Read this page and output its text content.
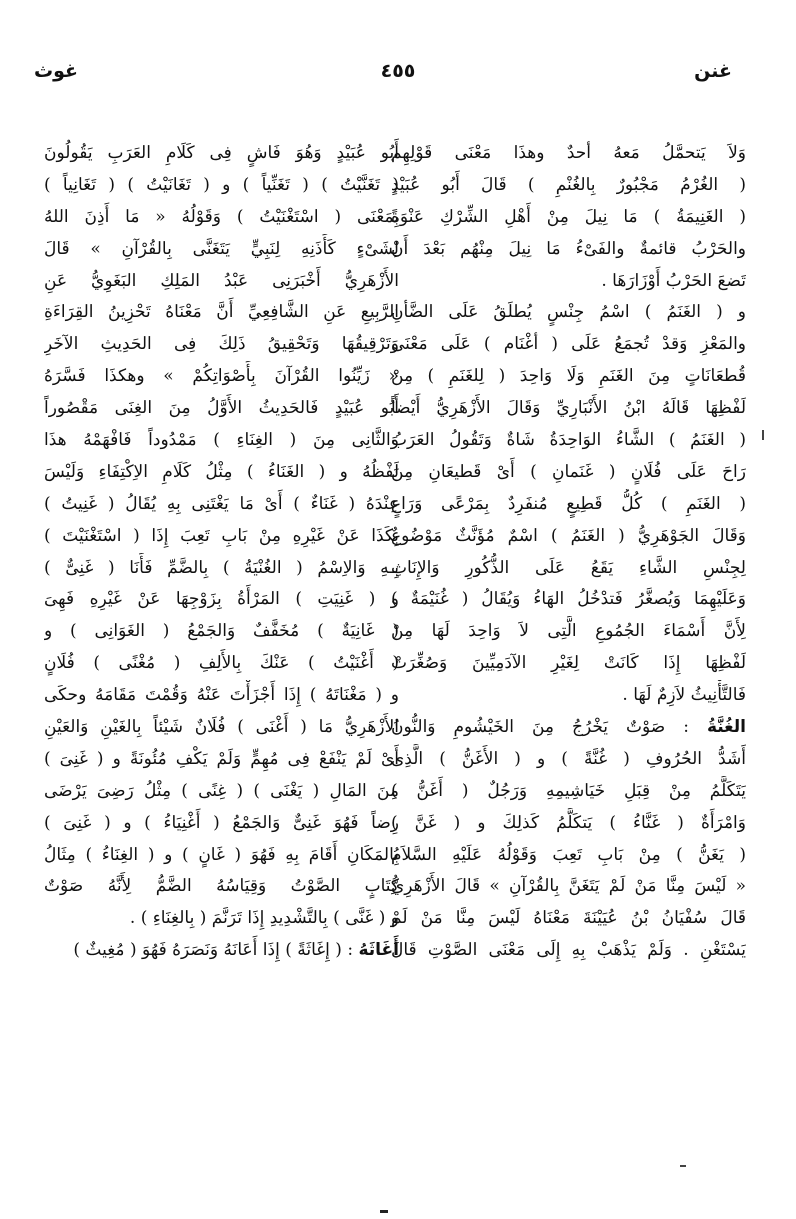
غنن
٤٥٥
غوث
وَلاَ يَتحمَّلُ مَعهُ أحدٌ وهذَا مَعْنَى قَوْلِهِم
( الغُرْمُ مَجْبُورٌ بِالغُنْمِ ) قَالَ أَبُو عُبَيْدٍ
( الغَنِيمَةُ ) مَا نِيلَ مِنْ أَهْلِ الشِّرْكِ عَنْوَةً
والحَرْبُ قائمةٌ والفَىْءُ مَا نِيلَ مِنْهُم بَعْدَ أَنْ
تَضعَ الحَرْبُ أَوْزَارَهَا .
و ( الغَنَمُ ) اسْمُ جِنْسٍ يُطلَقُ عَلَى الضَّأنِ
والمَعْزِ وَقدْ تُجمَعُ عَلَى ( أغْنَام ) عَلَى مَعْنَى
قُطعَانَاتٍ مِنَ الغَنَمِ وَلَا وَاحِدَ ( لِلغَنَمِ ) مِنْ
لَفْظِهَا قَالَهُ ابْنُ الأَنْبَارِيِّ وَقَالَ الأَزْهَرِيُّ أَيْضاً
( الغَنَمُ ) الشَّاءُ الوَاحِدَةُ شَاةٌ وَتَقُولُ العَرَبُ
رَاحَ عَلَى فُلَانٍ ( غَنَمانِ ) أَىْ قَطيعَانِ مِنَ
( الغَنَمِ ) كُلُّ قَطِيعٍ مُنفَرِدٌ بِمَرْعًى وَرَاعٍ
وَقَالَ الجَوْهَرِيُّ ( الغَنَمُ ) اسْمٌ مُؤَنَّثٌ مَوْضُوعٌ
لِجِنْسِ الشَّاءِ يَقَعُ عَلَى الذُّكُورِ وَالإِنَاثِ
وَعَلَيْهِمَا وَيُصغَّرُ فَتدْخُلُ الهَاءُ وَيُقَالُ ( غُنَيْمَةٌ )
لِأَنَّ أَسْمَاءَ الجُمُوعِ الَّتِى لاَ وَاحِدَ لَهَا مِنْ
لَفْظِهَا إِذَا كَانَتْ لِغَيْرِ الآدَمِيِّينَ وَصُغِّرَتْ
فَالتَّأْنِيثُ لاَزِمٌ لَهَا .
الغُنَّةُ : صَوْتٌ يَخْرُجُ مِنَ الخَيْشُومِ وَالنُّونُ
أَشَدُّ الحُرُوفِ ( غُنَّةً ) و ( الأَغَنُّ ) الَّذِى
يَتَكَلَّمُ مِنْ قِبَلِ خَيَاشِيمِهِ وَرَجُلٌ ( أَغَنُّ )
وَامْرَأَةٌ ( غَنَّاءُ ) يَتكَلَّمُ كَذلِكَ و ( غَنَّ )
( يَغَنُّ ) مِنْ بَابِ تَعِبَ وَقَوْلُهُ عَلَيْهِ السَّلاَمُ
« لَيْسَ مِنَّا مَنْ لَمْ يَتَغَنَّ بِالقُرْآنِ » قَالَ الأَزْهَرِيُّ
قَالَ سُفْيَانُ بْنُ عُيَيْنَةَ مَعْنَاهُ لَيْسَ مِنَّا مَنْ لَمْ
يَسْتَغْنِ . وَلَمْ يَذْهَبْ بِهِ إِلَى مَعْنَى الصَّوْتِ قَالَ
أَبُو عُبَيْدٍ وَهُوَ فَاشٍ فِى كَلَامِ العَرَبِ يَقُولُونَ
( تَغَنَّيْتُ ) ( تَغَنِّياً ) و ( تَغَانَيْتُ ) ( تَغَانِياً )
بِمَعْنَى ( اسْتَغْنَيْتُ ) وَقَوْلُهُ « مَا أَذِنَ اللهُ
لِشَىْءٍ كَأَذَنِهِ لِنَبِيٍّ يَتَغَنَّى بِالقُرْآنِ » قَالَ
الأَزْهَرِيُّ أَخْبَرَنِى عَبْدُ المَلِكِ البَغَوِيُّ عَنِ
الرَّبِيعِ عَنِ الشَّافِعِيِّ أَنَّ مَعْنَاهُ تَحْزِينُ القِرَاءَةِ
وَتَرْقِيقُهَا وَتَحْقِيقُ ذَلِكَ فِى الحَدِيثِ الآخَرِ
« زَيِّنُوا القُرْآنَ بِأَصْوَاتِكُمْ » وهكذَا فَسَّرَهُ
أَبُو عُبَيْدٍ فَالحَدِيثُ الأَوَّلُ مِنَ الغِنَى مَقْصُوراً
وَالثَّانِى مِنَ ( الغِنَاءِ ) مَمْدُوداً فَافْهَمْهُ هذَا
لَفْظُهُ و ( الغَنَاءُ ) مِثْلُ كَلَامِ الاِكْتِفَاءِ وَلَيْسَ
عِنْدَهُ ( غَنَاءٌ ) أَىْ مَا يَغْتَنِى بِهِ يُقَالُ ( غَنِيتُ )
بِكَذَا عَنْ غَيْرِهِ مِنْ بَابِ تَعِبَ إِذَا ( اسْتَغْنَيْتَ )
بِـهِ وَالاِسْمُ ( الغُنْيَةُ ) بِالضَّمِّ فَأَنَا ( غَنِىٌّ )
و ( غَنِيَتِ ) المَرْأَةُ بِزَوْجِهَا عَنْ غَيْرِهِ فَهِىَ
( غَانِيَةٌ ) مُخَفَّفٌ وَالجَمْعُ ( الغَوَانِى ) و
( أَغْنَيْتُ ) عَنْكَ بِالأَلِفِ ( مُغْنًى ) فُلَانٍ
و ( مَغْنَاتَهُ ) إِذَا أَجْزَأْتَ عَنْهُ وَقُمْتَ مَقَامَهُ وحكَى
الأَزْهَرِيُّ مَا ( أَغْنَى ) فُلَانٌ شَيْئاً بِالغَيْنِ وَالعَيْنِ
أَىْ لَمْ يَنْفَعْ فِى مُهِمٍّ وَلَمْ يَكْفِ مُئُونَةً و ( غَنِىَ )
مِنَ المَالِ ( يَغْنَى ) ( غِنًى ) مِثْلُ رَضِىَ يَرْضَى
رِضاً فَهُوَ غَنِىٌّ وَالجَمْعُ ( أَغْنِيَاءُ ) و ( غَنِىَ )
بِالمَكَانِ أَقَامَ بِهِ فَهُوَ ( غَانٍ ) و ( الغِنَاءُ ) مِثَالُ
كِتَابٍ الصَّوْتُ وَقِيَاسُهُ الضَّمُّ لِأَنَّهُ صَوْتٌ
و ( غَنَّى ) بِالتَّشْدِيدِ إِذَا تَرَنَّمَ ( بِالغِنَاءِ ) .
أَغَاثَهُ : ( إِغَاثَةً ) إِذَا أَعَانَهُ وَنَصَرَهُ فَهُوَ ( مُغِيثٌ )
